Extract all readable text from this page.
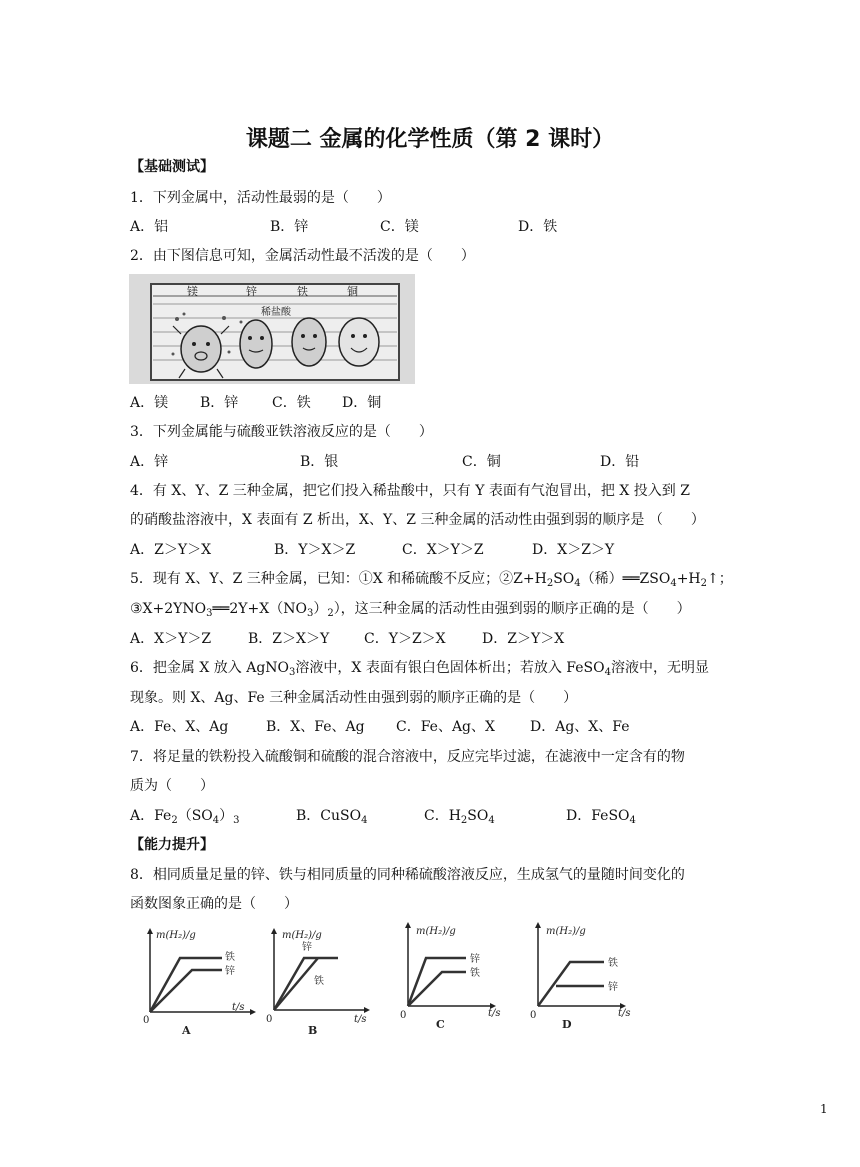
课题二 金属的化学性质（第 2 课时）
【基础测试】
1．下列金属中，活动性最弱的是（　　）
A．铝	B．锌	C．镁	D．铁
2．由下图信息可知，金属活动性最不活泼的是（　　）
镁	锌	铁	铜
稀盐酸
A．镁 B．锌 C．铁 D．铜
3．下列金属能与硫酸亚铁溶液反应的是（　　）
A．锌	B．银	C．铜	D．铅
4．有 X、Y、Z 三种金属，把它们投入稀盐酸中，只有 Y 表面有气泡冒出，把 X 投入到 Z
的硝酸盐溶液中，X 表面有 Z 析出，X、Y、Z 三种金属的活动性由强到弱的顺序是 （　　）
A．Z＞Y＞X	B．Y＞X＞Z	C．X＞Y＞Z	D．X＞Z＞Y
5．现有 X、Y、Z 三种金属，已知：①X 和稀硫酸不反应；$②Z+H_2SO_4$（稀）$══ZSO_4+H_2↑$；
$③X+2YNO_3══2Y+X(NO_3)_2$），这三种金属的活动性由强到弱的顺序正确的是（　　）
A．X＞Y＞Z	B．Z＞X＞Y C．Y＞Z＞X	D．Z＞Y＞X
6．把金属 X 放入 AgNO$_3$溶液中，X 表面有银白色固体析出；若放入 FeSO$_4$溶液中，无明显
现象。则 X、Ag、Fe 三种金属活动性由强到弱的顺序正确的是（　　）
A．Fe、X、Ag	B．X、Fe、Ag C．Fe、Ag、X	D．Ag、X、Fe
7．将足量的铁粉投入硫酸铜和硫酸的混合溶液中，反应完毕过滤，在滤液中一定含有的物
质为（　　）
A．$Fe_2(SO_4)_3$	B．CuSO$_4$	C．$H_2SO_4$	D．FeSO$_4$
【能力提升】
8．相同质量足量的锌、铁与相同质量的同种稀硫酸溶液反应，生成氢气的量随时间变化的
函数图象正确的是（　　）
m(H₂)/g
t/s
0
铁
锌
A
m(H₂)/g
t/s
0
锌
铁
B
m(H₂)/g
t/s
0
锌
铁
C
m(H₂)/g
t/s
0
铁
锌
D
1
